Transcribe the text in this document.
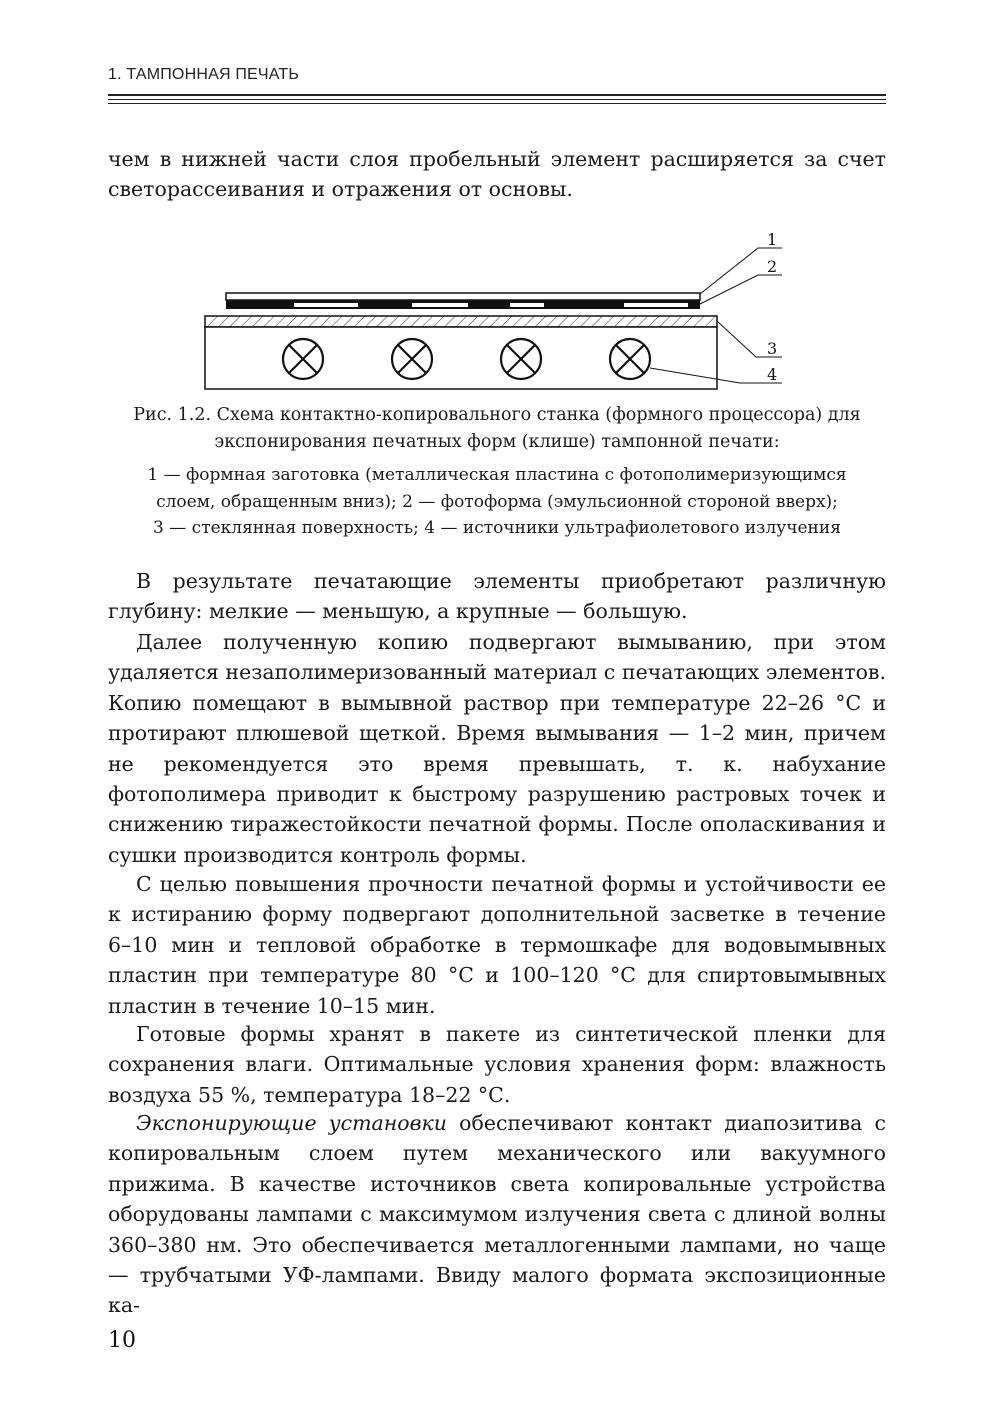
1. ТАМПОННАЯ ПЕЧАТЬ

чем в нижней части слоя пробельный элемент расширяется за счет светорассеивания и отражения от основы.

1
2
3
4
Рис. 1.2. Схема контактно-копировального станка (формного процессора) для экспонирования печатных форм (клише) тампонной печати:
1 — формная заготовка (металлическая пластина с фотополимеризующимся
слоем, обращенным вниз); 2 — фотоформа (эмульсионной стороной вверх);
3 — стеклянная поверхность; 4 — источники ультрафиолетового излучения

В результате печатающие элементы приобретают различную глубину: мелкие — меньшую, а крупные — большую.

Далее полученную копию подвергают вымыванию, при этом удаляется незаполимеризованный материал с печатающих элементов. Копию помещают в вымывной раствор при температуре 22–26 °С и протирают плюшевой щеткой. Время вымывания — 1–2 мин, причем не рекомендуется это время превышать, т. к. набухание фотополимера приводит к быстрому разрушению растровых точек и снижению тиражестойкости печатной формы. После ополаскивания и сушки производится контроль формы.

С целью повышения прочности печатной формы и устойчивости ее к истиранию форму подвергают дополнительной засветке в течение 6–10 мин и тепловой обработке в термошкафе для водовымывных пластин при температуре 80 °С и 100–120 °С для спиртовымывных пластин в течение 10–15 мин.

Готовые формы хранят в пакете из синтетической пленки для сохранения влаги. Оптимальные условия хранения форм: влажность воздуха 55 %, температура 18–22 °С.

Экспонирующие установки обеспечивают контакт диапозитива с копировальным слоем путем механического или вакуумного прижима. В качестве источников света копировальные устройства оборудованы лампами с максимумом излучения света с длиной волны 360–380 нм. Это обеспечивается металлогенными лампами, но чаще — трубчатыми УФ-лампами. Ввиду малого формата экспозиционные ка-

10
